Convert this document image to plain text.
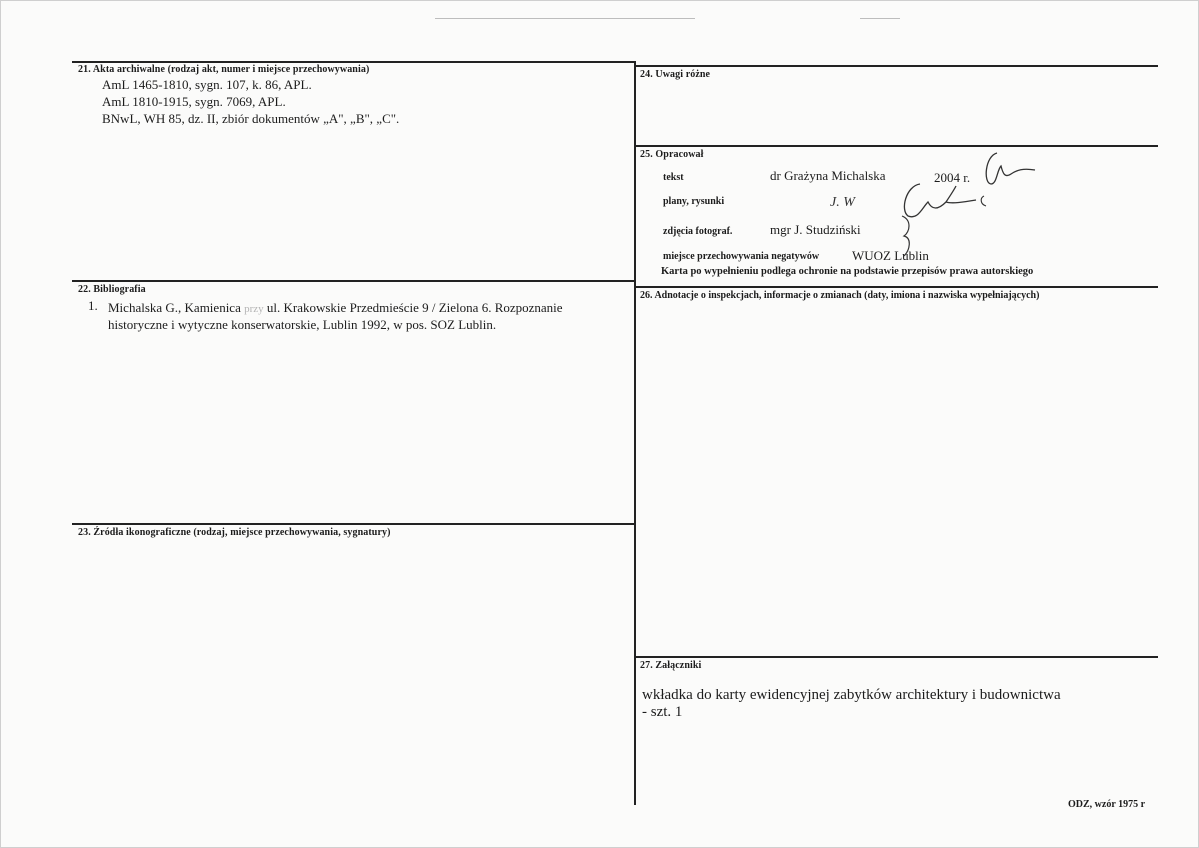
21. Akta archiwalne (rodzaj akt, numer i miejsce przechowywania)
AmL 1465-1810, sygn. 107, k. 86, APL.
AmL 1810-1915, sygn. 7069, APL.
BNwL, WH 85, dz. II, zbiór dokumentów „A", „B", „C".
22. Bibliografia
1. Michalska G., Kamienica przy ul. Krakowskie Przedmieście 9 / Zielona 6. Rozpoznanie
historyczne i wytyczne konserwatorskie, Lublin 1992, w pos. SOZ Lublin.
23. Źródła ikonograficzne (rodzaj, miejsce przechowywania, sygnatury)
24. Uwagi różne
25. Opracował
tekst	dr Grażyna Michalska	2004 r.
plany, rysunki	J. W
zdjęcia fotograf.	mgr J. Studziński
miejsce przechowywania negatywów	WUOZ Lublin
Karta po wypełnieniu podlega ochronie na podstawie przepisów prawa autorskiego
26. Adnotacje o inspekcjach, informacje o zmianach (daty, imiona i nazwiska wypełniających)
27. Załączniki
wkładka do karty ewidencyjnej zabytków architektury i budownictwa
- szt. 1
ODZ, wzór 1975 r
